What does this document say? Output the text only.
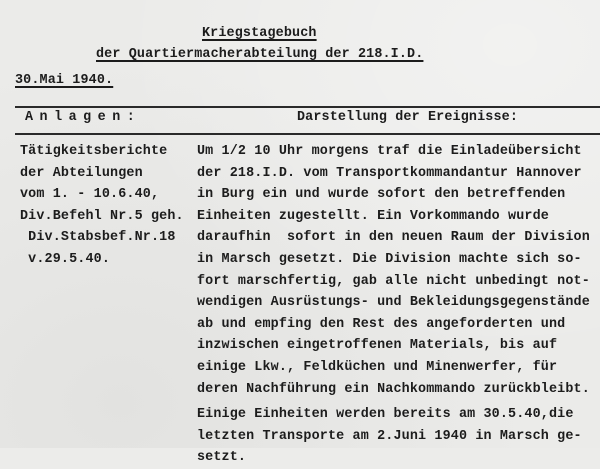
Kriegstagebuch
der Quartiermacherabteilung der 218.I.D.
30.Mai 1940.
Anlagen:	Darstellung der Ereignisse:
Tätigkeitsberichte
der Abteilungen
vom 1. - 10.6.40,
Div.Befehl Nr.5 geh.
Div.Stabsbef.Nr.18
v.29.5.40.
Um 1/2 10 Uhr morgens traf die Einladeübersicht
der 218.I.D. vom Transportkommandantur Hannover
in Burg ein und wurde sofort den betreffenden
Einheiten zugestellt. Ein Vorkommando wurde
daraufhin  sofort in den neuen Raum der Division
in Marsch gesetzt. Die Division machte sich so-
fort marschfertig, gab alle nicht unbedingt not-
wendigen Ausrüstungs- und Bekleidungsgegenstände
ab und empfing den Rest des angeforderten und
inzwischen eingetroffenen Materials, bis auf
einige Lkw., Feldküchen und Minenwerfer, für
deren Nachführung ein Nachkommando zurückbleibt.
Einige Einheiten werden bereits am 30.5.40,die
letzten Transporte am 2.Juni 1940 in Marsch ge-
setzt.
